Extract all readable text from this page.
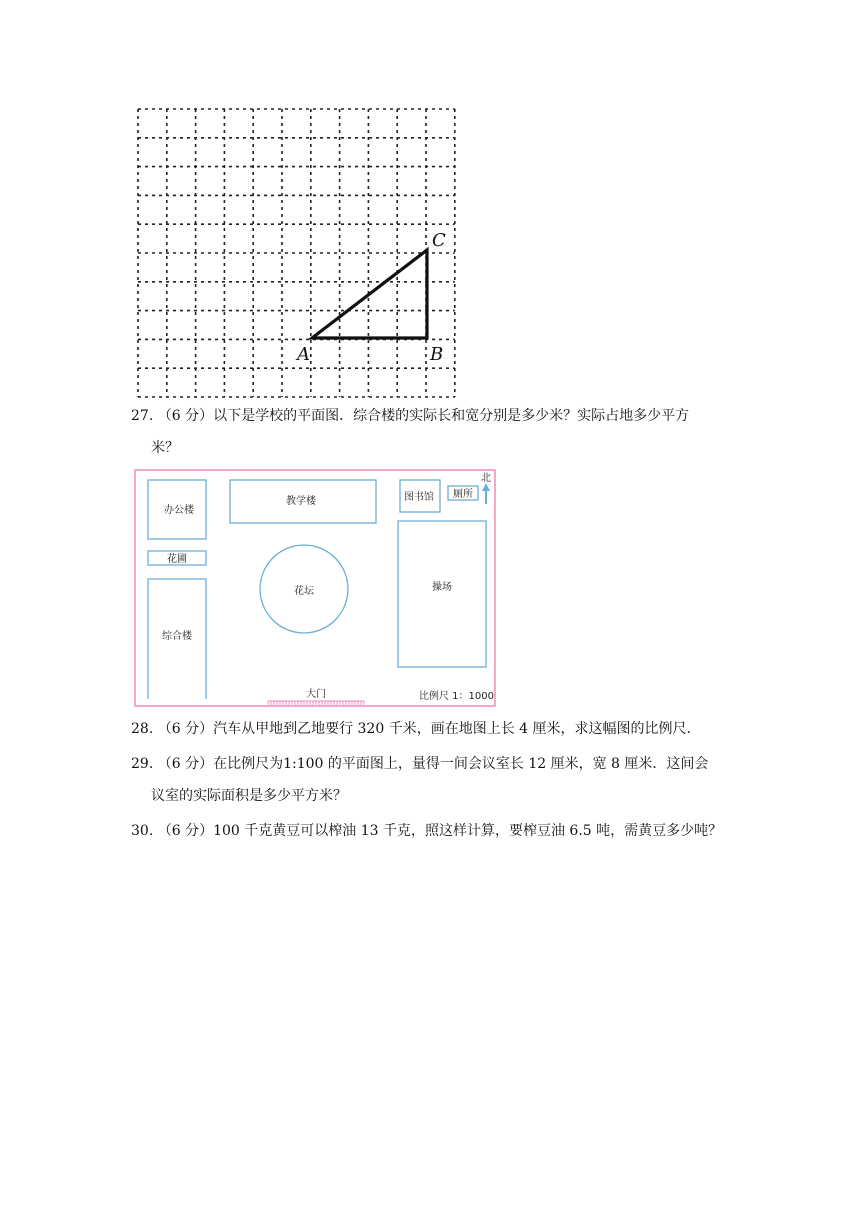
A	B
C
27. （6 分）以下是学校的平面图．综合楼的实际长和宽分别是多少米？实际占地多少平方
米？
办公楼
教学楼	图书馆 厕所
北
花圃
花坛	操场
综合楼
大门	比例尺 1：1000
28. （6 分）汽车从甲地到乙地要行 320 千米，画在地图上长 4 厘米，求这幅图的比例尺．
29. （6 分）在比例尺为1:100 的平面图上，量得一间会议室长 12 厘米，宽 8 厘米．这间会
议室的实际面积是多少平方米？
30. （6 分）100 千克黄豆可以榨油 13 千克，照这样计算，要榨豆油 6.5 吨，需黄豆多少吨？
